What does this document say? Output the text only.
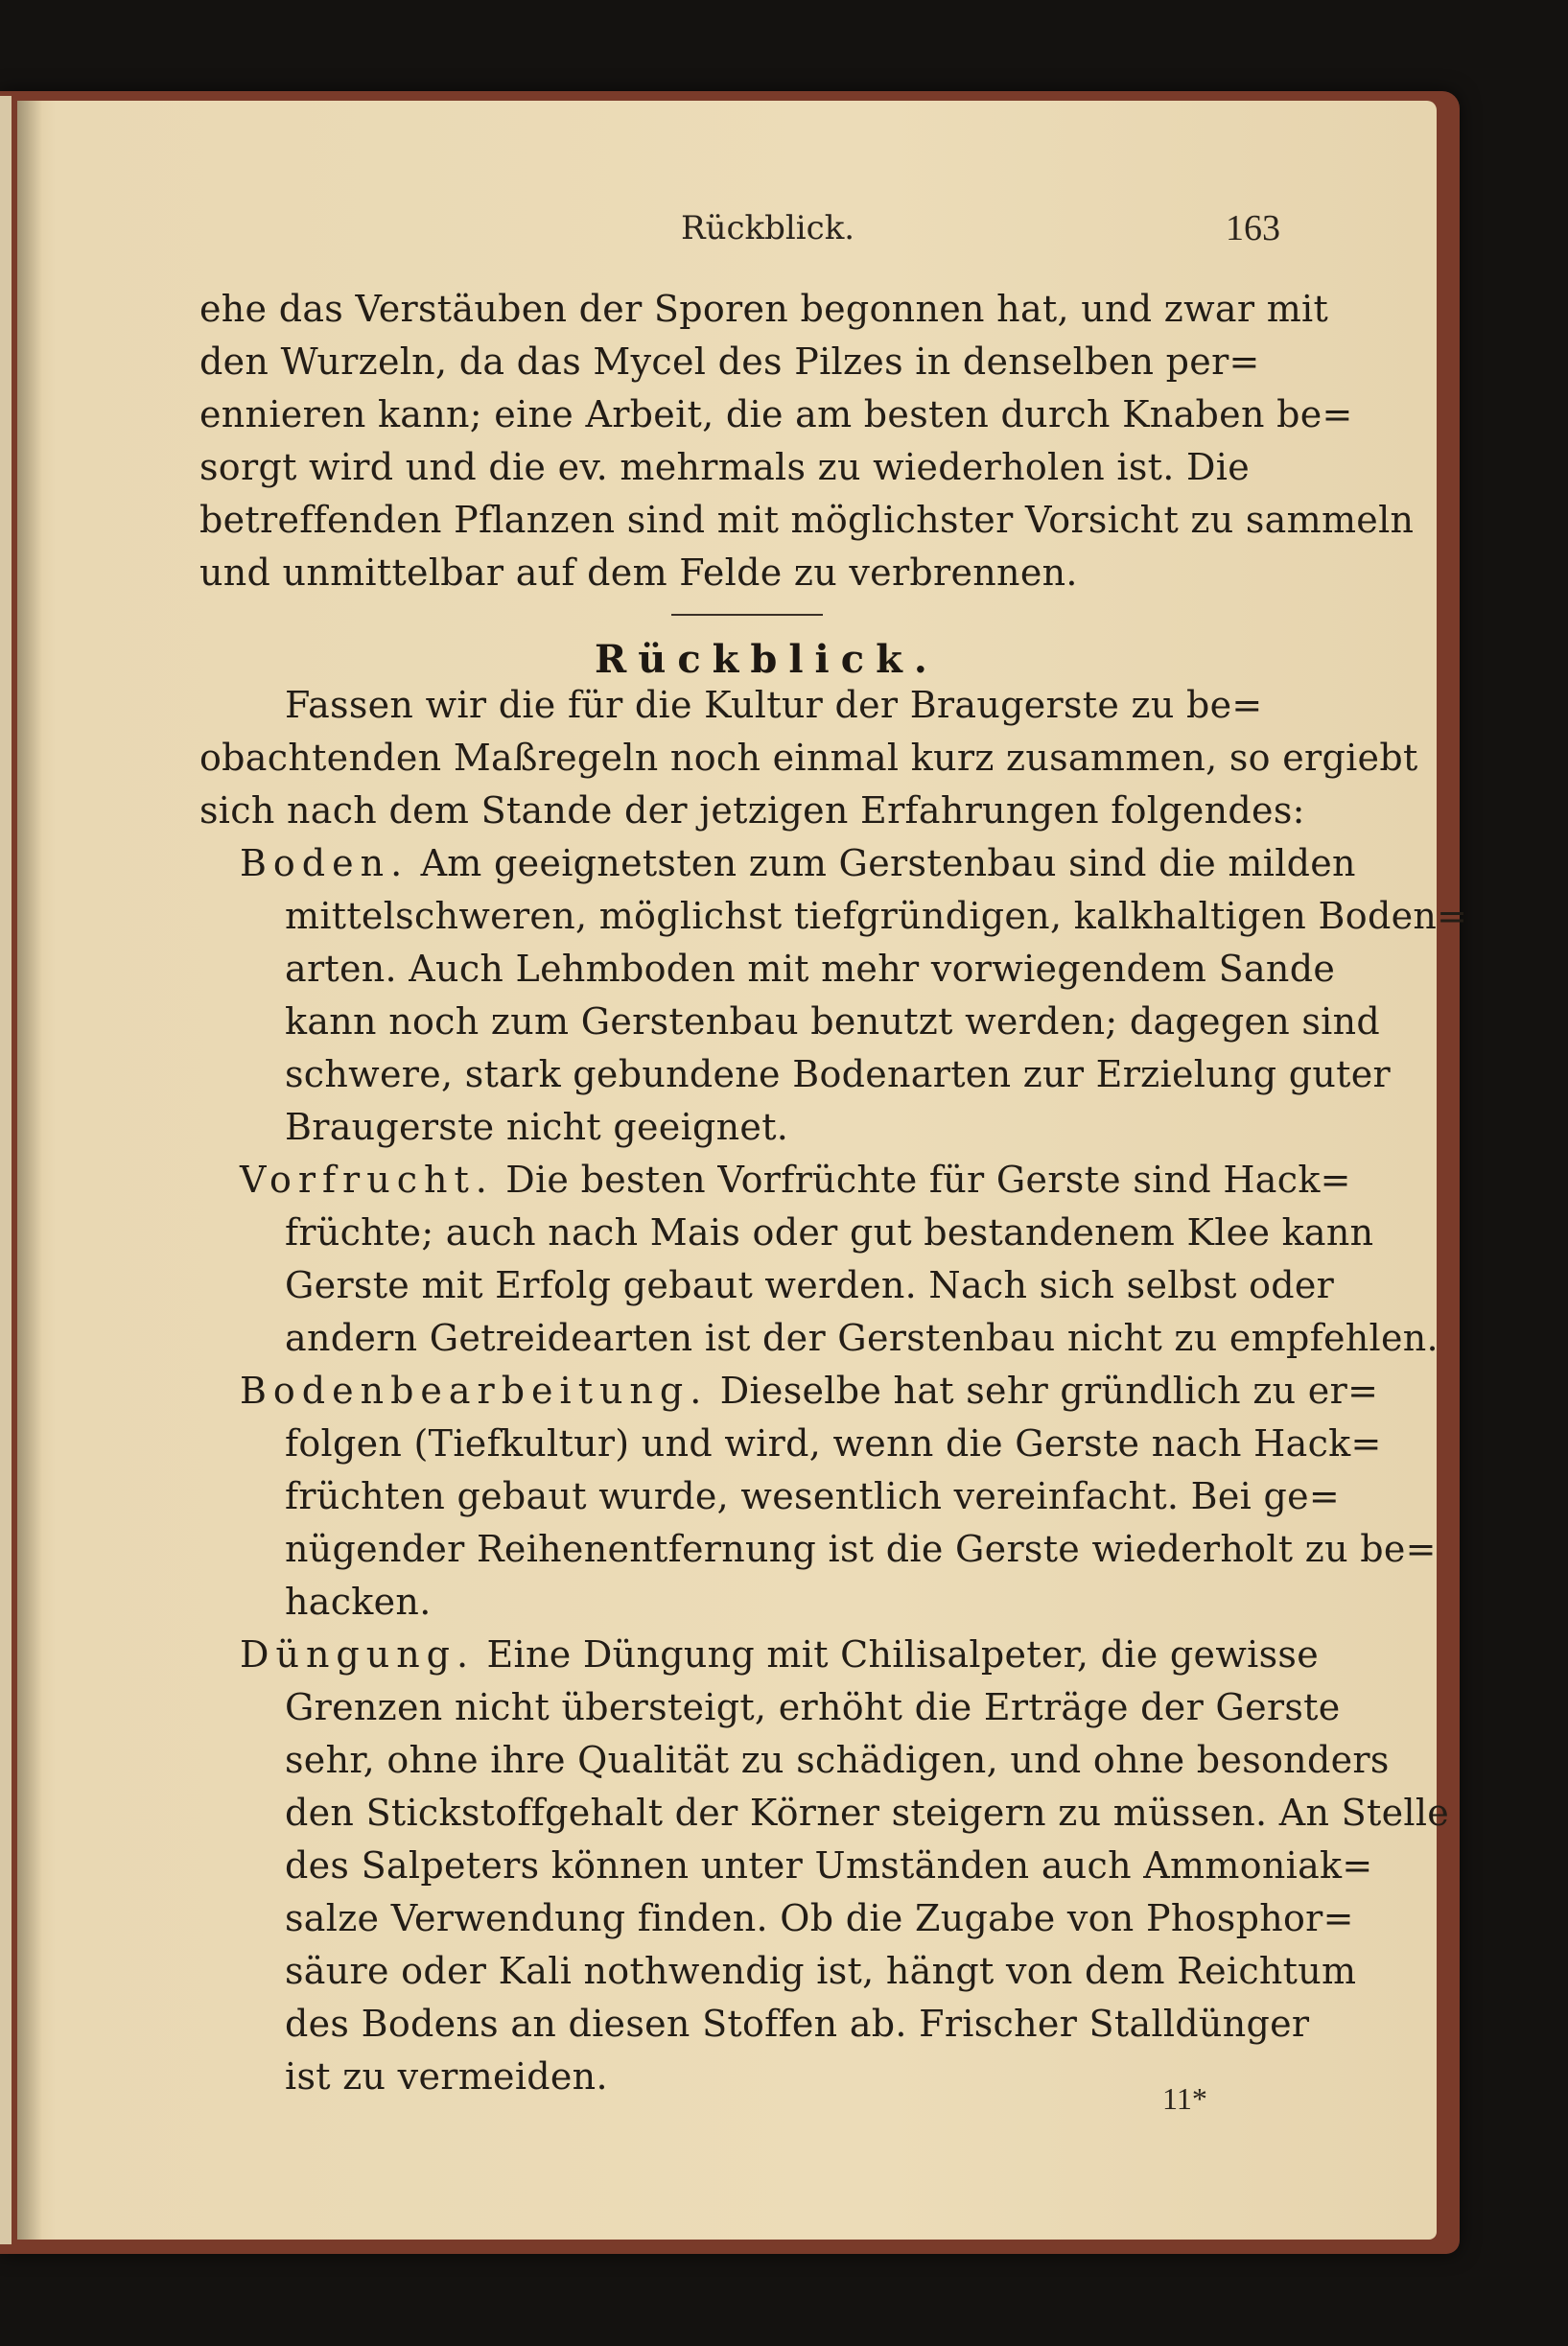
Rückblick.	163
ehe das Verstäuben der Sporen begonnen hat, und zwar mit
den Wurzeln, da das Mycel des Pilzes in denselben per=
ennieren kann; eine Arbeit, die am besten durch Knaben be=
sorgt wird und die ev. mehrmals zu wiederholen ist. Die
betreffenden Pflanzen sind mit möglichster Vorsicht zu sammeln
und unmittelbar auf dem Felde zu verbrennen.
Rückblick.
Fassen wir die für die Kultur der Braugerste zu be=
obachtenden Maßregeln noch einmal kurz zusammen, so ergiebt
sich nach dem Stande der jetzigen Erfahrungen folgendes:
Boden. Am geeignetsten zum Gerstenbau sind die milden
mittelschweren, möglichst tiefgründigen, kalkhaltigen Boden=
arten. Auch Lehmboden mit mehr vorwiegendem Sande
kann noch zum Gerstenbau benutzt werden; dagegen sind
schwere, stark gebundene Bodenarten zur Erzielung guter
Braugerste nicht geeignet.
Vorfrucht. Die besten Vorfrüchte für Gerste sind Hack=
früchte; auch nach Mais oder gut bestandenem Klee kann
Gerste mit Erfolg gebaut werden. Nach sich selbst oder
andern Getreidearten ist der Gerstenbau nicht zu empfehlen.
Bodenbearbeitung. Dieselbe hat sehr gründlich zu er=
folgen (Tiefkultur) und wird, wenn die Gerste nach Hack=
früchten gebaut wurde, wesentlich vereinfacht. Bei ge=
nügender Reihenentfernung ist die Gerste wiederholt zu be=
hacken.
Düngung. Eine Düngung mit Chilisalpeter, die gewisse
Grenzen nicht übersteigt, erhöht die Erträge der Gerste
sehr, ohne ihre Qualität zu schädigen, und ohne besonders
den Stickstoffgehalt der Körner steigern zu müssen. An Stelle
des Salpeters können unter Umständen auch Ammoniak=
salze Verwendung finden. Ob die Zugabe von Phosphor=
säure oder Kali nothwendig ist, hängt von dem Reichtum
des Bodens an diesen Stoffen ab. Frischer Stalldünger
ist zu vermeiden.
11*
